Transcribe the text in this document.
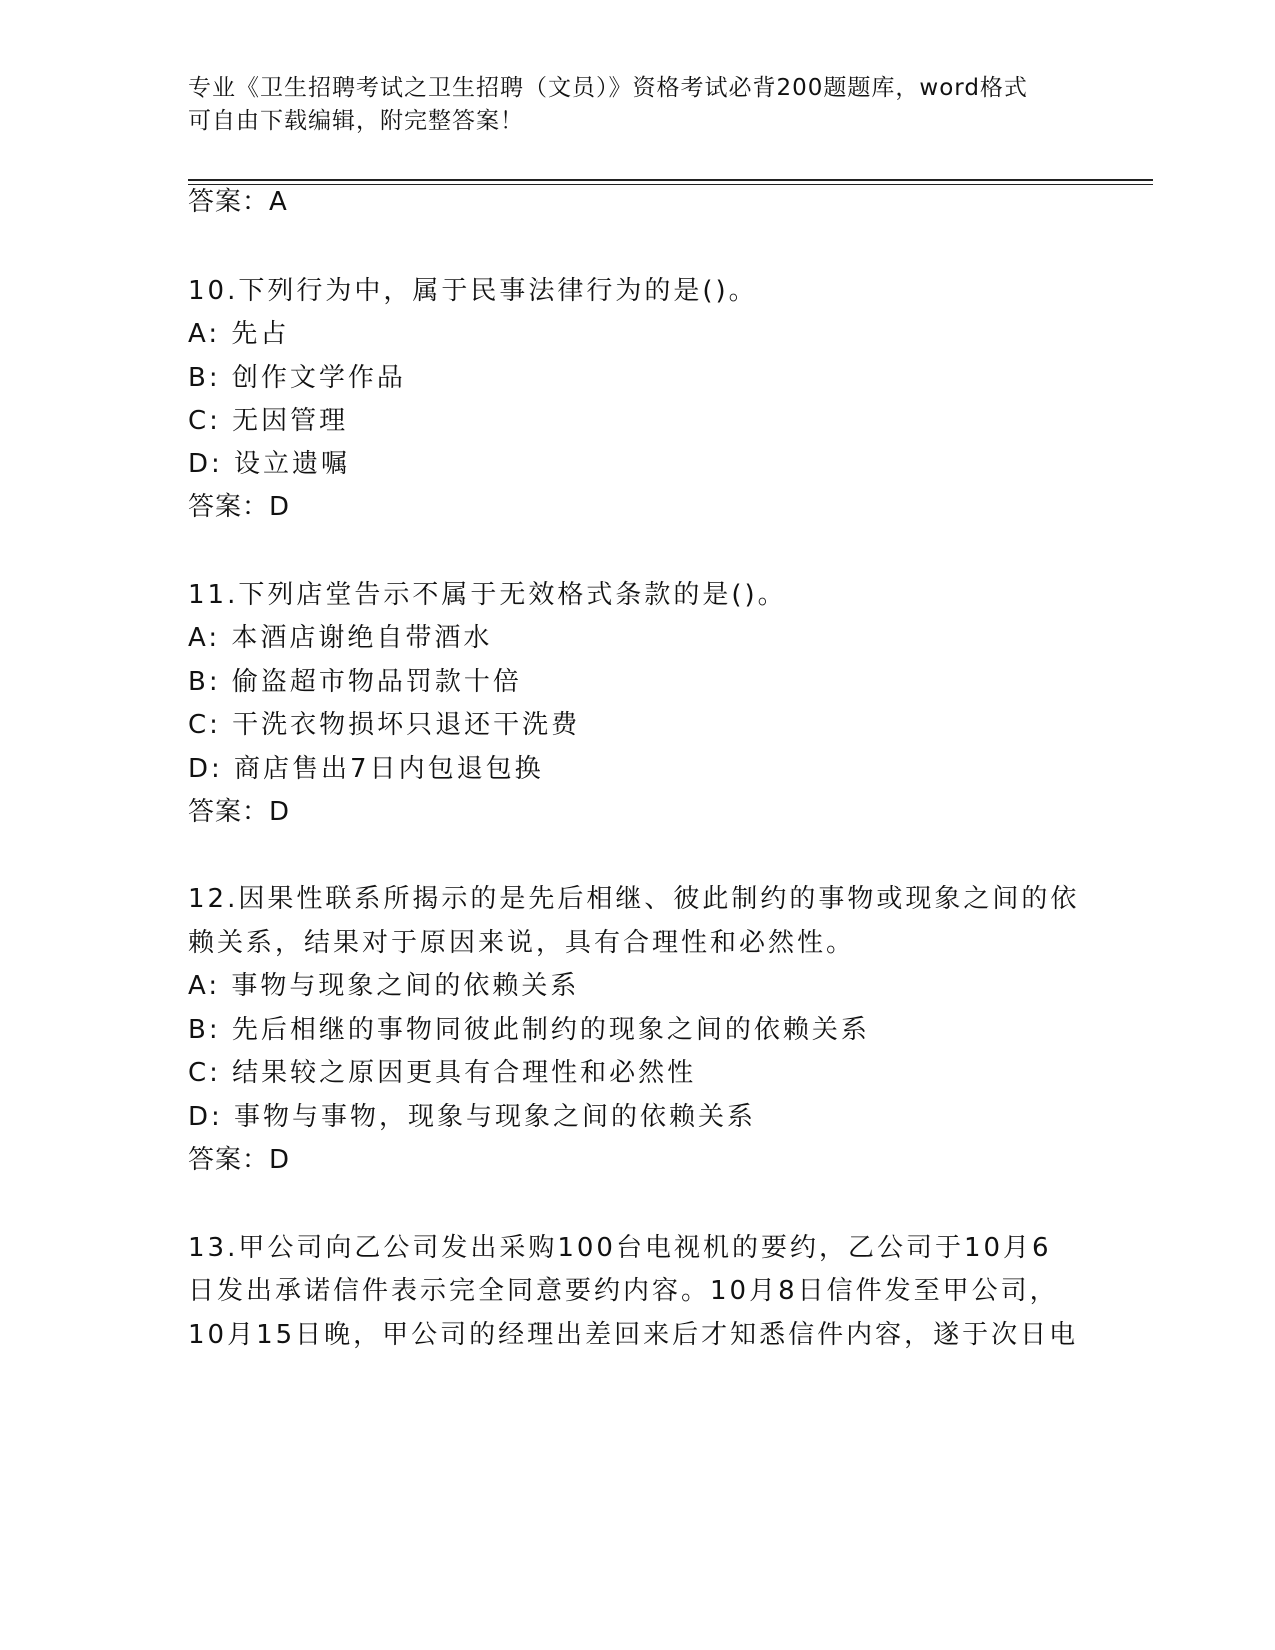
专业《卫生招聘考试之卫生招聘（文员）》资格考试必背200题题库，word格式
可自由下载编辑，附完整答案！
答案：A
10.下列行为中，属于民事法律行为的是()。
A: 先占
B: 创作文学作品
C: 无因管理
D: 设立遗嘱
答案：D
11.下列店堂告示不属于无效格式条款的是()。
A: 本酒店谢绝自带酒水
B: 偷盗超市物品罚款十倍
C: 干洗衣物损坏只退还干洗费
D: 商店售出7日内包退包换
答案：D
12.因果性联系所揭示的是先后相继、彼此制约的事物或现象之间的依
赖关系，结果对于原因来说，具有合理性和必然性。
A: 事物与现象之间的依赖关系
B: 先后相继的事物同彼此制约的现象之间的依赖关系
C: 结果较之原因更具有合理性和必然性
D: 事物与事物，现象与现象之间的依赖关系
答案：D
13.甲公司向乙公司发出采购100台电视机的要约，乙公司于10月6
日发出承诺信件表示完全同意要约内容。10月8日信件发至甲公司，
10月15日晚，甲公司的经理出差回来后才知悉信件内容，遂于次日电
